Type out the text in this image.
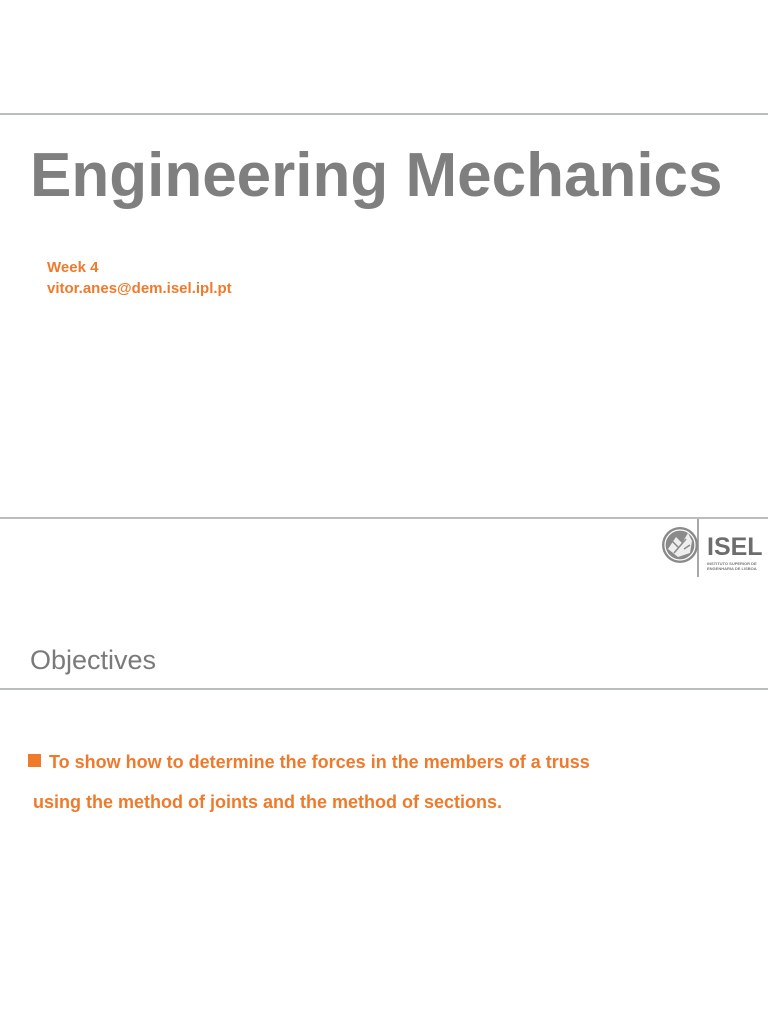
Engineering Mechanics
Week 4
vitor.anes@dem.isel.ipl.pt
ISEL
INSTITUTO SUPERIOR DE
ENGENHARIA DE LISBOA
Objectives
To show how to determine the forces in the members of a truss
using the method of joints and the method of sections.
